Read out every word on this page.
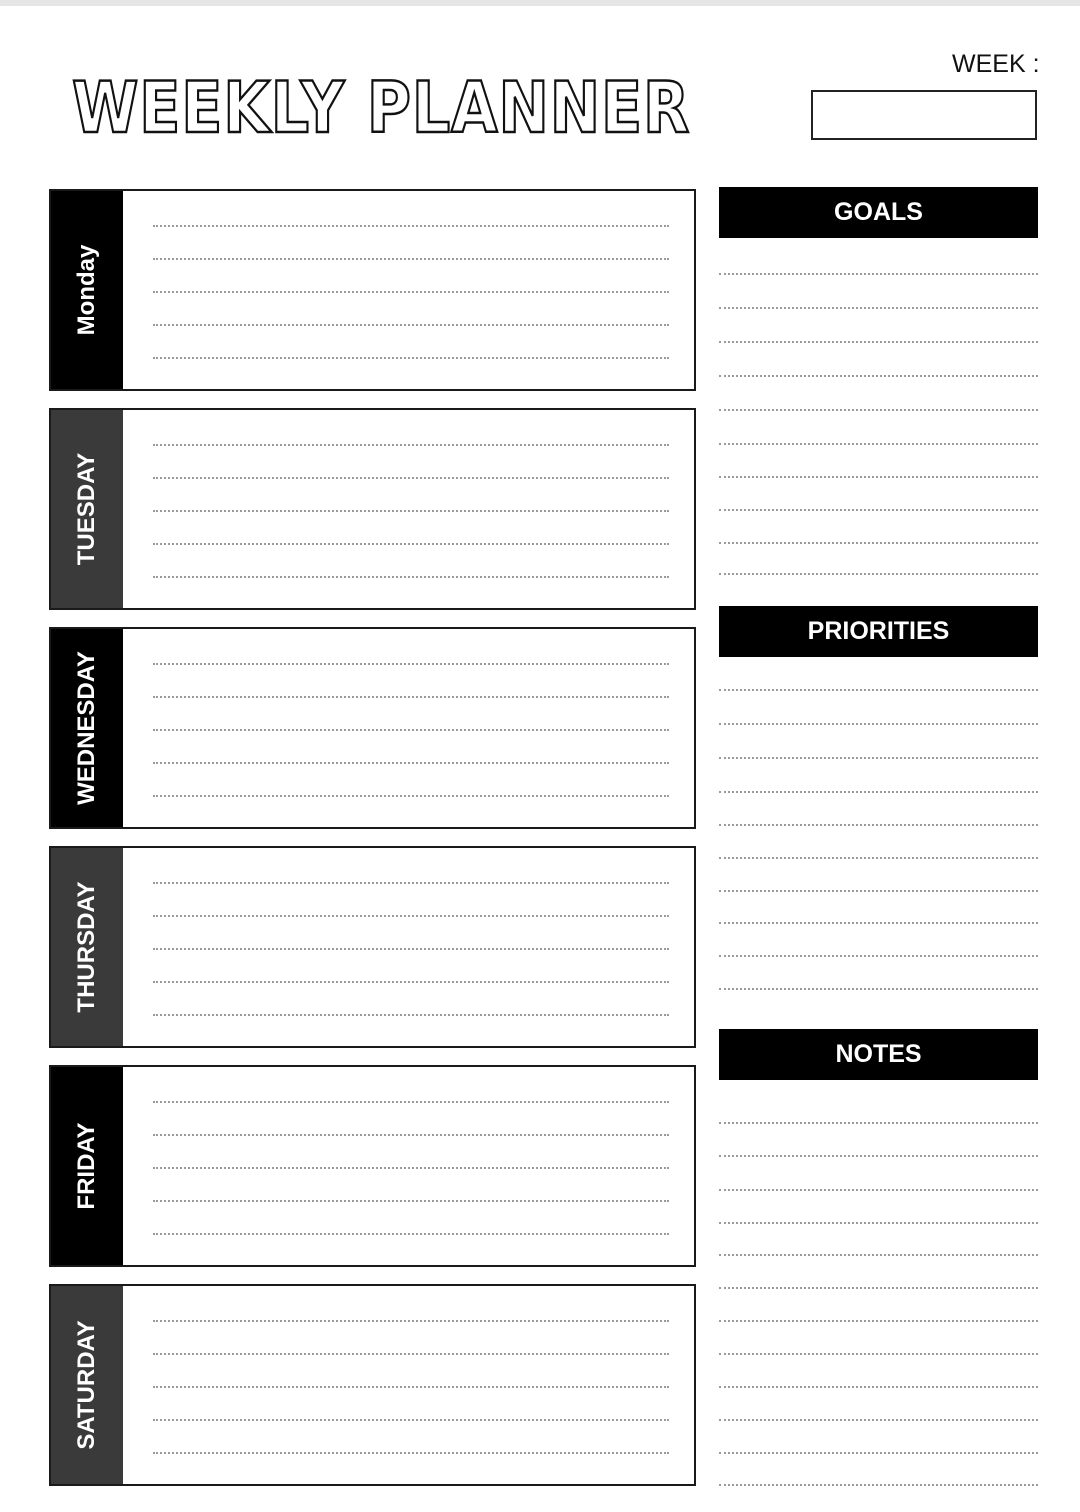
WEEKLY PLANNER
WEEK :
Monday
TUESDAY
WEDNESDAY
THURSDAY
FRIDAY
SATURDAY
GOALS
PRIORITIES
NOTES
